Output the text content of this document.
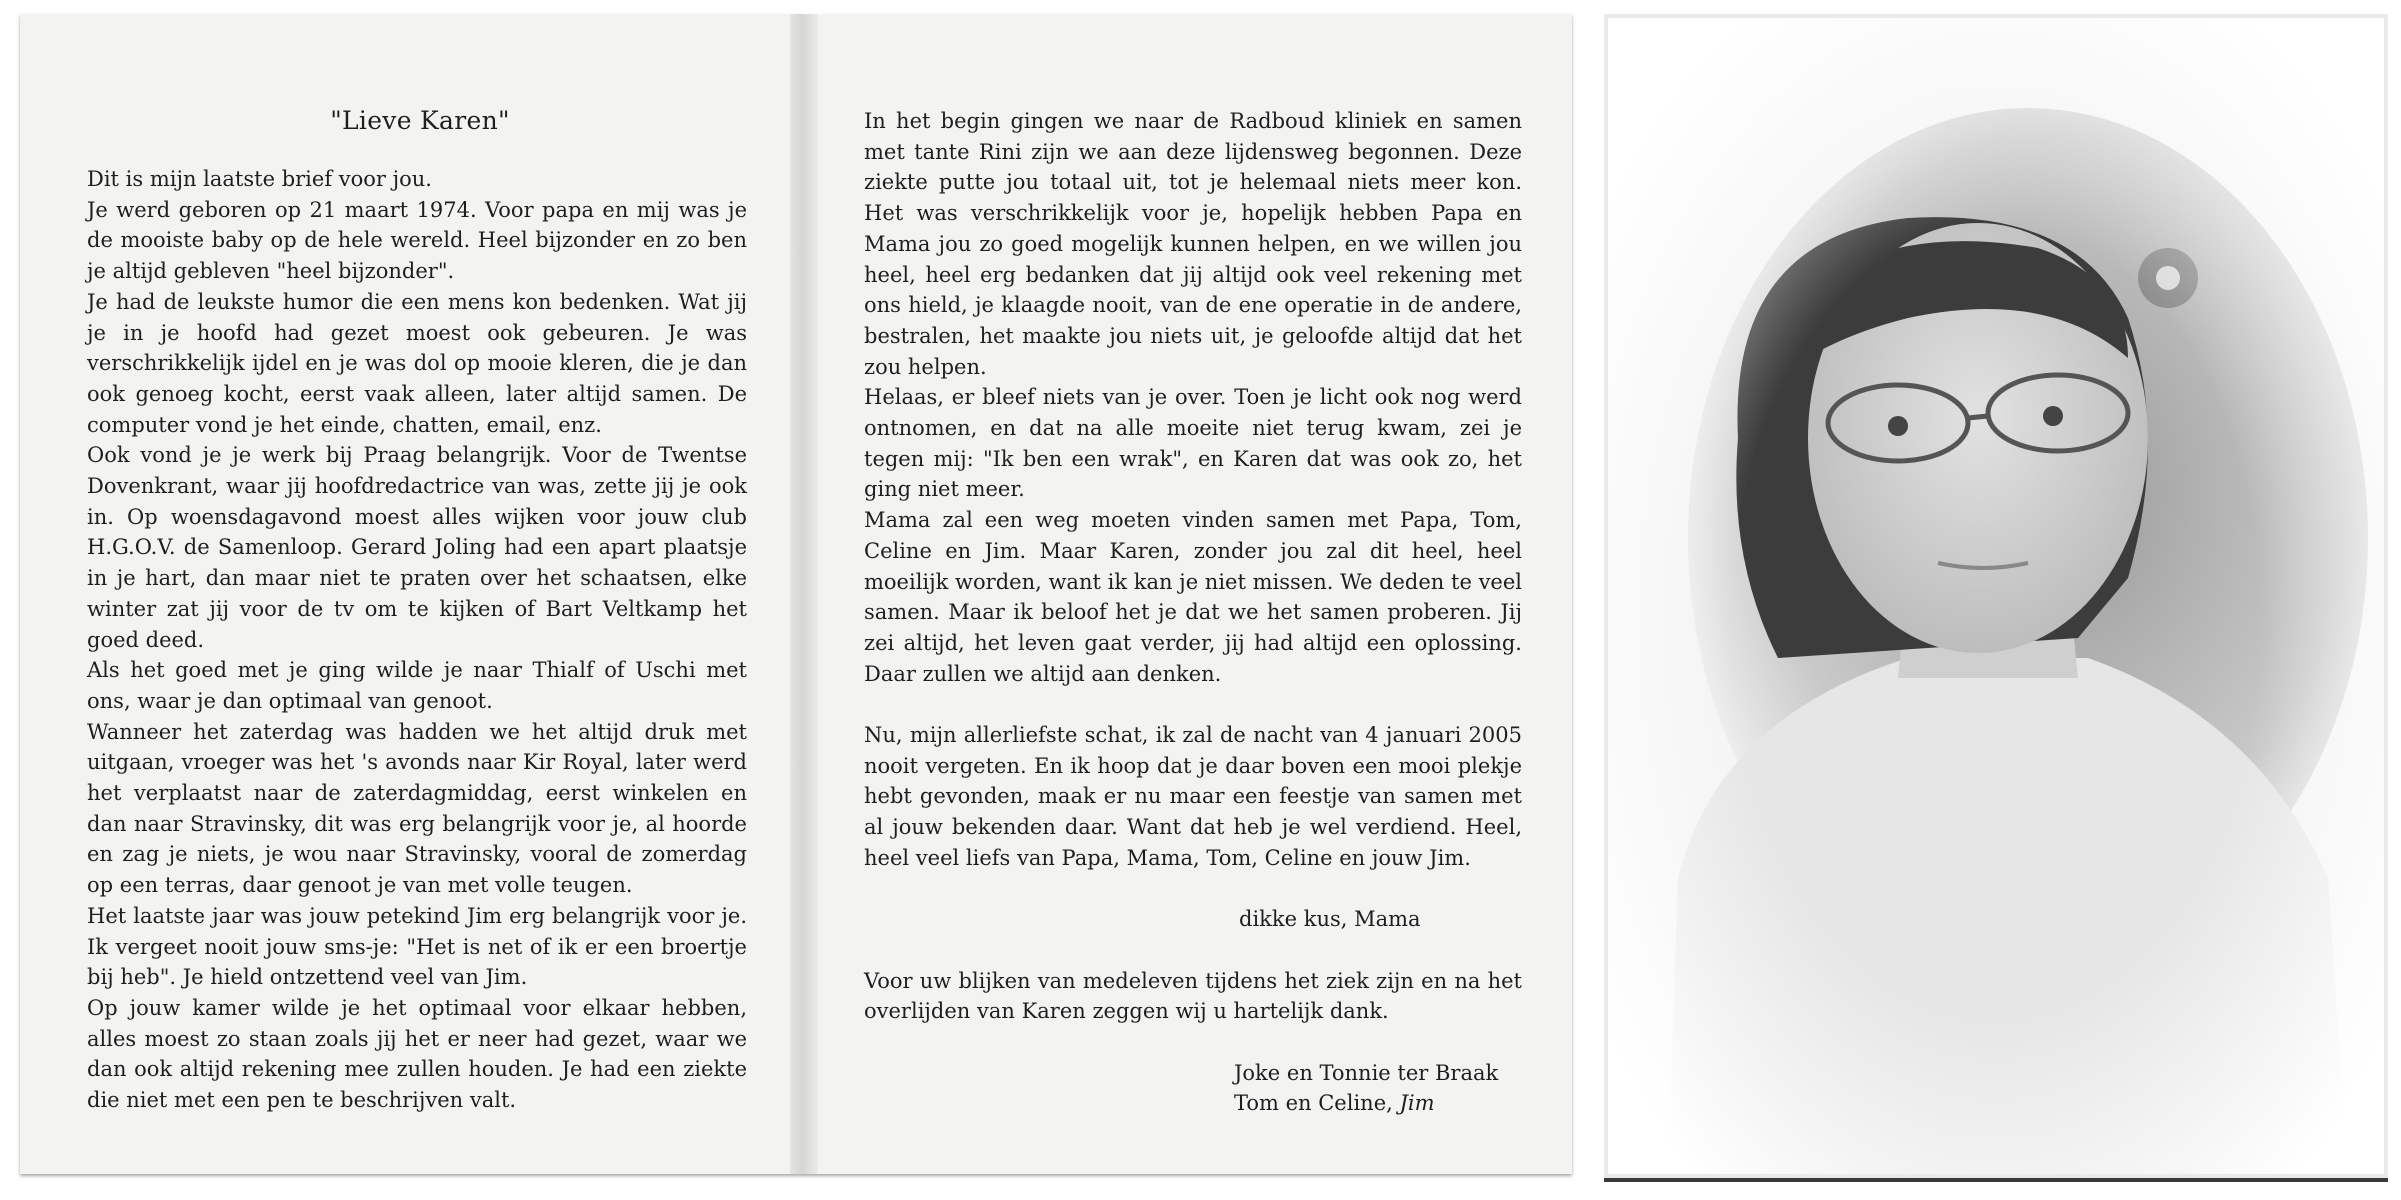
"Lieve Karen"

Dit is mijn laatste brief voor jou.

Je werd geboren op 21 maart 1974. Voor papa en mij was je de mooiste baby op de hele wereld. Heel bijzonder en zo ben je altijd gebleven "heel bijzonder".

Je had de leukste humor die een mens kon bedenken. Wat jij je in je hoofd had gezet moest ook gebeuren. Je was verschrikkelijk ijdel en je was dol op mooie kleren, die je dan ook genoeg kocht, eerst vaak alleen, later altijd samen. De computer vond je het einde, chatten, email, enz.

Ook vond je je werk bij Praag belangrijk. Voor de Twentse Dovenkrant, waar jij hoofdredactrice van was, zette jij je ook in. Op woensdagavond moest alles wijken voor jouw club H.G.O.V. de Samenloop. Gerard Joling had een apart plaatsje in je hart, dan maar niet te praten over het schaatsen, elke winter zat jij voor de tv om te kijken of Bart Veltkamp het goed deed.

Als het goed met je ging wilde je naar Thialf of Uschi met ons, waar je dan optimaal van genoot.

Wanneer het zaterdag was hadden we het altijd druk met uitgaan, vroeger was het 's avonds naar Kir Royal, later werd het verplaatst naar de zaterdagmiddag, eerst winkelen en dan naar Stravinsky, dit was erg belangrijk voor je, al hoorde en zag je niets, je wou naar Stravinsky, vooral de zomerdag op een terras, daar genoot je van met volle teugen.

Het laatste jaar was jouw petekind Jim erg belangrijk voor je. Ik vergeet nooit jouw sms-je: "Het is net of ik er een broertje bij heb". Je hield ontzettend veel van Jim.

Op jouw kamer wilde je het optimaal voor elkaar hebben, alles moest zo staan zoals jij het er neer had gezet, waar we dan ook altijd rekening mee zullen houden. Je had een ziekte die niet met een pen te beschrijven valt.

In het begin gingen we naar de Radboud kliniek en samen met tante Rini zijn we aan deze lijdensweg begonnen. Deze ziekte putte jou totaal uit, tot je helemaal niets meer kon. Het was verschrikkelijk voor je, hopelijk hebben Papa en Mama jou zo goed mogelijk kunnen helpen, en we willen jou heel, heel erg bedanken dat jij altijd ook veel rekening met ons hield, je klaagde nooit, van de ene operatie in de andere, bestralen, het maakte jou niets uit, je geloofde altijd dat het zou helpen.

Helaas, er bleef niets van je over. Toen je licht ook nog werd ontnomen, en dat na alle moeite niet terug kwam, zei je tegen mij: "Ik ben een wrak", en Karen dat was ook zo, het ging niet meer.

Mama zal een weg moeten vinden samen met Papa, Tom, Celine en Jim. Maar Karen, zonder jou zal dit heel, heel moeilijk worden, want ik kan je niet missen. We deden te veel samen. Maar ik beloof het je dat we het samen proberen. Jij zei altijd, het leven gaat verder, jij had altijd een oplossing. Daar zullen we altijd aan denken.

Nu, mijn allerliefste schat, ik zal de nacht van 4 januari 2005 nooit vergeten. En ik hoop dat je daar boven een mooi plekje hebt gevonden, maak er nu maar een feestje van samen met al jouw bekenden daar. Want dat heb je wel verdiend. Heel, heel veel liefs van Papa, Mama, Tom, Celine en jouw Jim.

dikke kus, Mama

Voor uw blijken van medeleven tijdens het ziek zijn en na het overlijden van Karen zeggen wij u hartelijk dank.

Joke en Tonnie ter Braak

Tom en Celine, Jim
